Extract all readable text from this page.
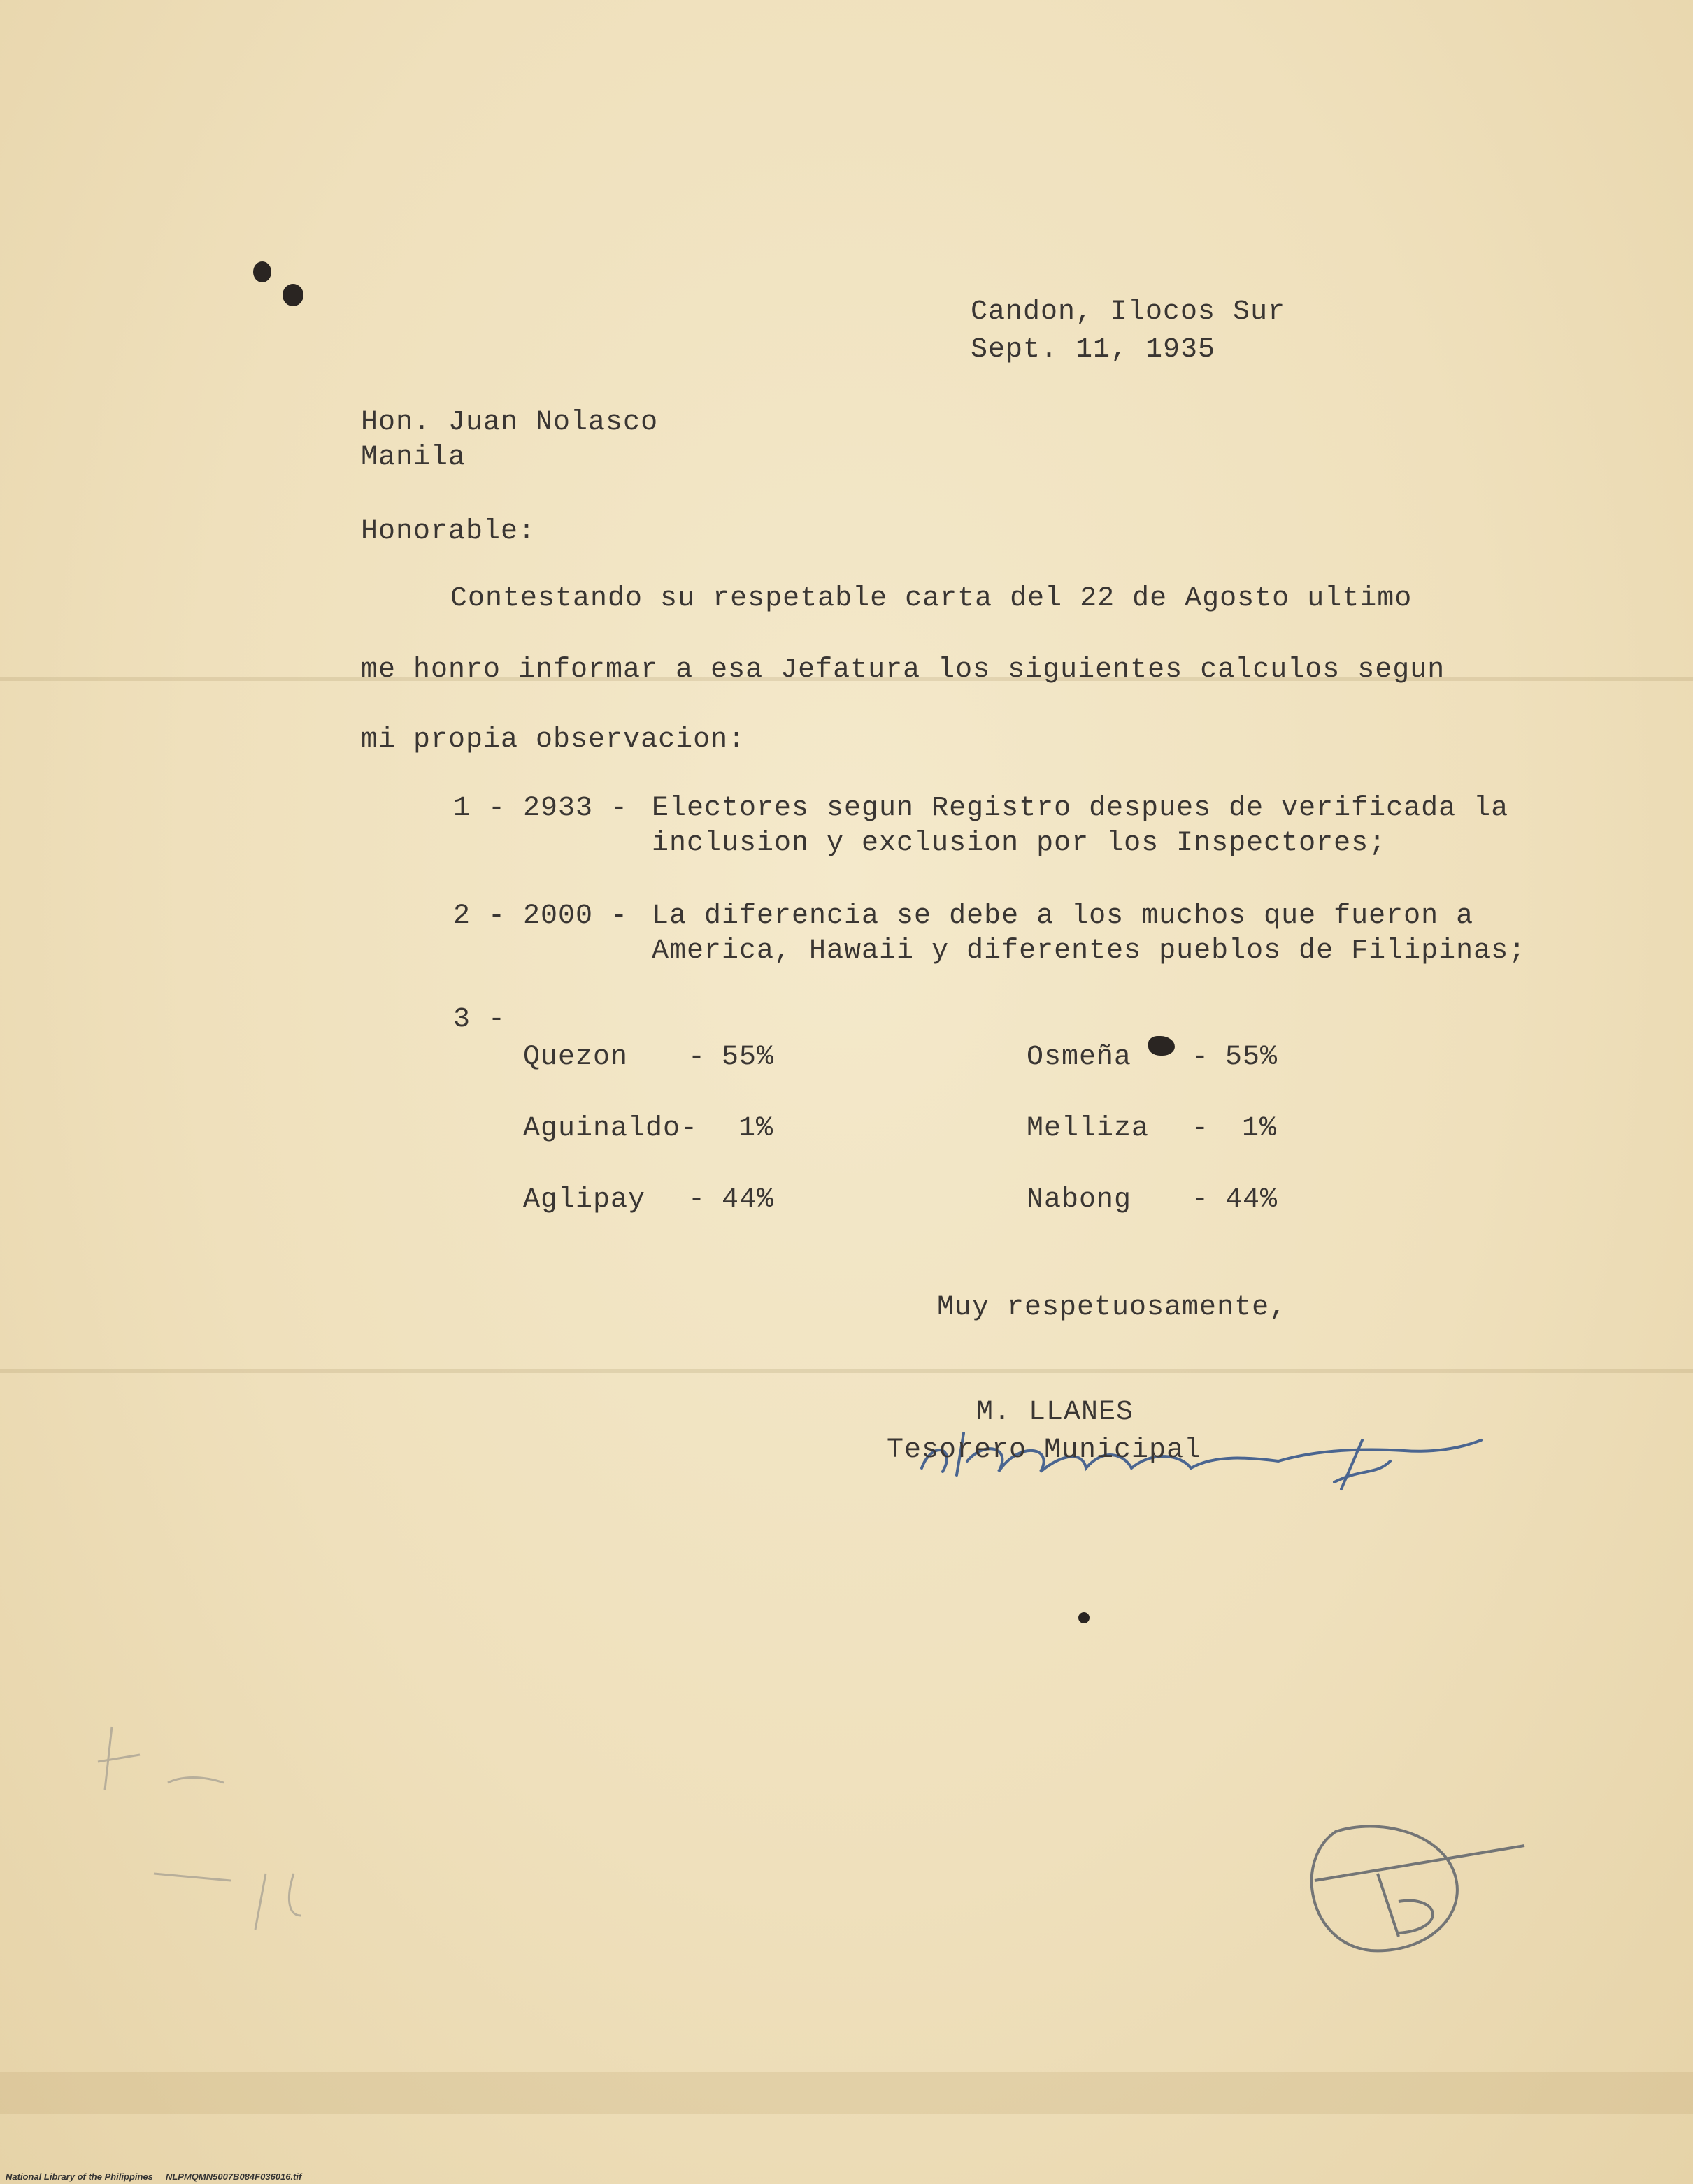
Candon, Ilocos Sur
Sept. 11, 1935
Hon. Juan Nolasco
Manila
Honorable:
Contestando su respetable carta del 22 de Agosto ultimo
me honro informar a esa Jefatura los siguientes calculos segun
mi propia observacion:
1 - 2933 - Electores segun Registro despues de verificada la
inclusion y exclusion por los Inspectores;
2 - 2000 - La diferencia se debe a los muchos que fueron a
America, Hawaii y diferentes pueblos de Filipinas;
3 -
Quezon - 55%
Aguinaldo- 1%
Aglipay - 44%
Osmeña - 55%
Melliza - 1%
Nabong - 44%
Muy respetuosamente,

M. LLANES
Tesorero Municipal
National Library of the Philippines     NLPMQMN5007B084F036016.tif
